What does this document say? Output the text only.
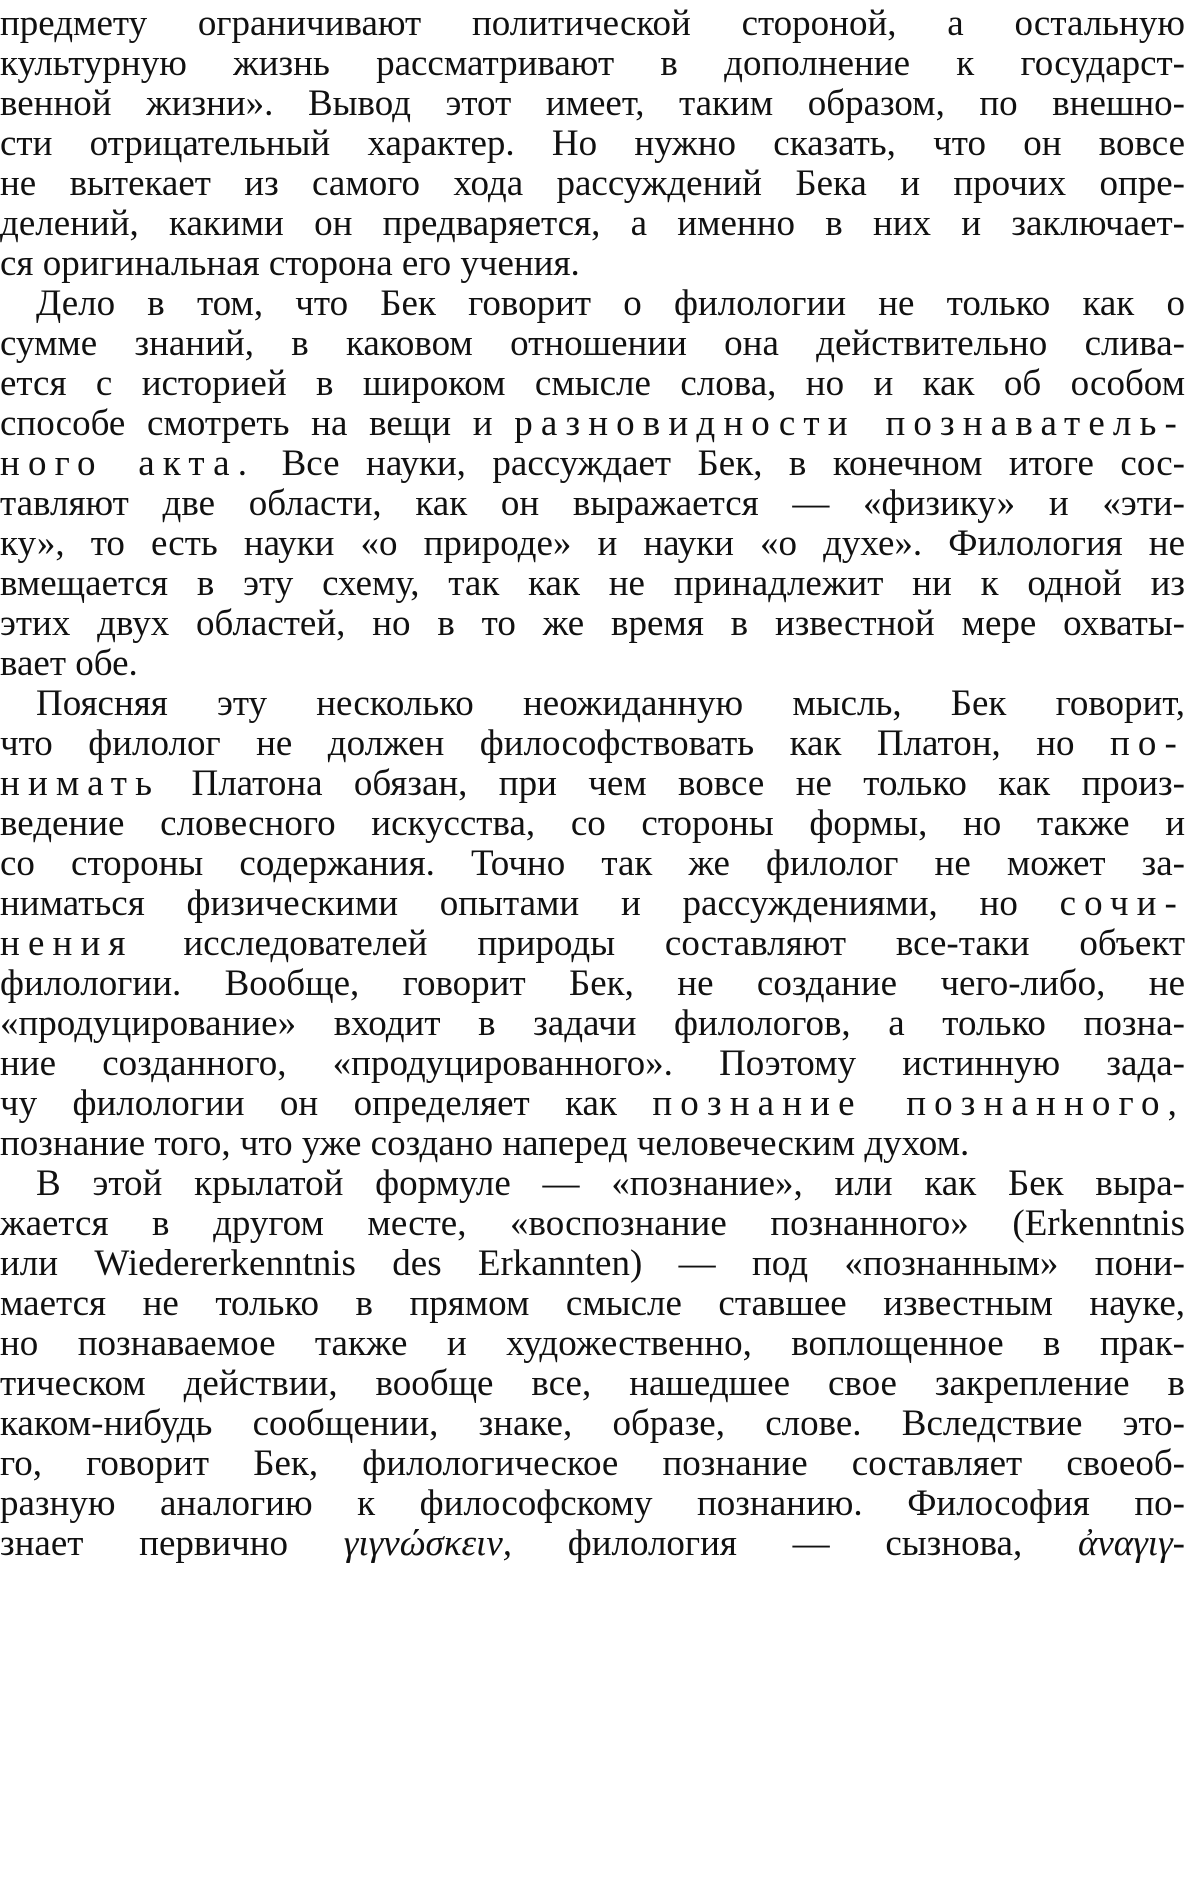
предмету ограничивают политической стороной, а остальную
культурную жизнь рассматривают в дополнение к государст-
венной жизни». Вывод этот имеет, таким образом, по внешно-
сти отрицательный характер. Но нужно сказать, что он вовсе
не вытекает из самого хода рассуждений Бека и прочих опре-
делений, какими он предваряется, а именно в них и заключает-
ся оригинальная сторона его учения.
Дело в том, что Бек говорит о филологии не только как о
сумме знаний, в каковом отношении она действительно слива-
ется с историей в широком смысле слова, но и как об особом
способе смотреть на вещи и разновидности познаватель-
ного акта. Все науки, рассуждает Бек, в конечном итоге сос-
тавляют две области, как он выражается — «физику» и «эти-
ку», то есть науки «о природе» и науки «о духе». Филология не
вмещается в эту схему, так как не принадлежит ни к одной из
этих двух областей, но в то же время в известной мере охваты-
вает обе.
Поясняя эту несколько неожиданную мысль, Бек говорит,
что филолог не должен философствовать как Платон, но по-
нимать Платона обязан, при чем вовсе не только как произ-
ведение словесного искусства, со стороны формы, но также и
со стороны содержания. Точно так же филолог не может за-
ниматься физическими опытами и рассуждениями, но сочи-
нения исследователей природы составляют все-таки объект
филологии. Вообще, говорит Бек, не создание чего-либо, не
«продуцирование» входит в задачи филологов, а только позна-
ние созданного, «продуцированного». Поэтому истинную зада-
чу филологии он определяет как познание познанного,
познание того, что уже создано наперед человеческим духом.
В этой крылатой формуле — «познание», или как Бек выра-
жается в другом месте, «воспознание познанного» (Erkenntnis
или Wiedererkenntnis des Erkannten) — под «познанным» пони-
мается не только в прямом смысле ставшее известным науке,
но познаваемое также и художественно, воплощенное в прак-
тическом действии, вообще все, нашедшее свое закрепление в
каком-нибудь сообщении, знаке, образе, слове. Вследствие это-
го, говорит Бек, филологическое познание составляет своеоб-
разную аналогию к философскому познанию. Философия по-
знает первично γιγνώσκειν, филология — сызнова, ἀναγιγ-
